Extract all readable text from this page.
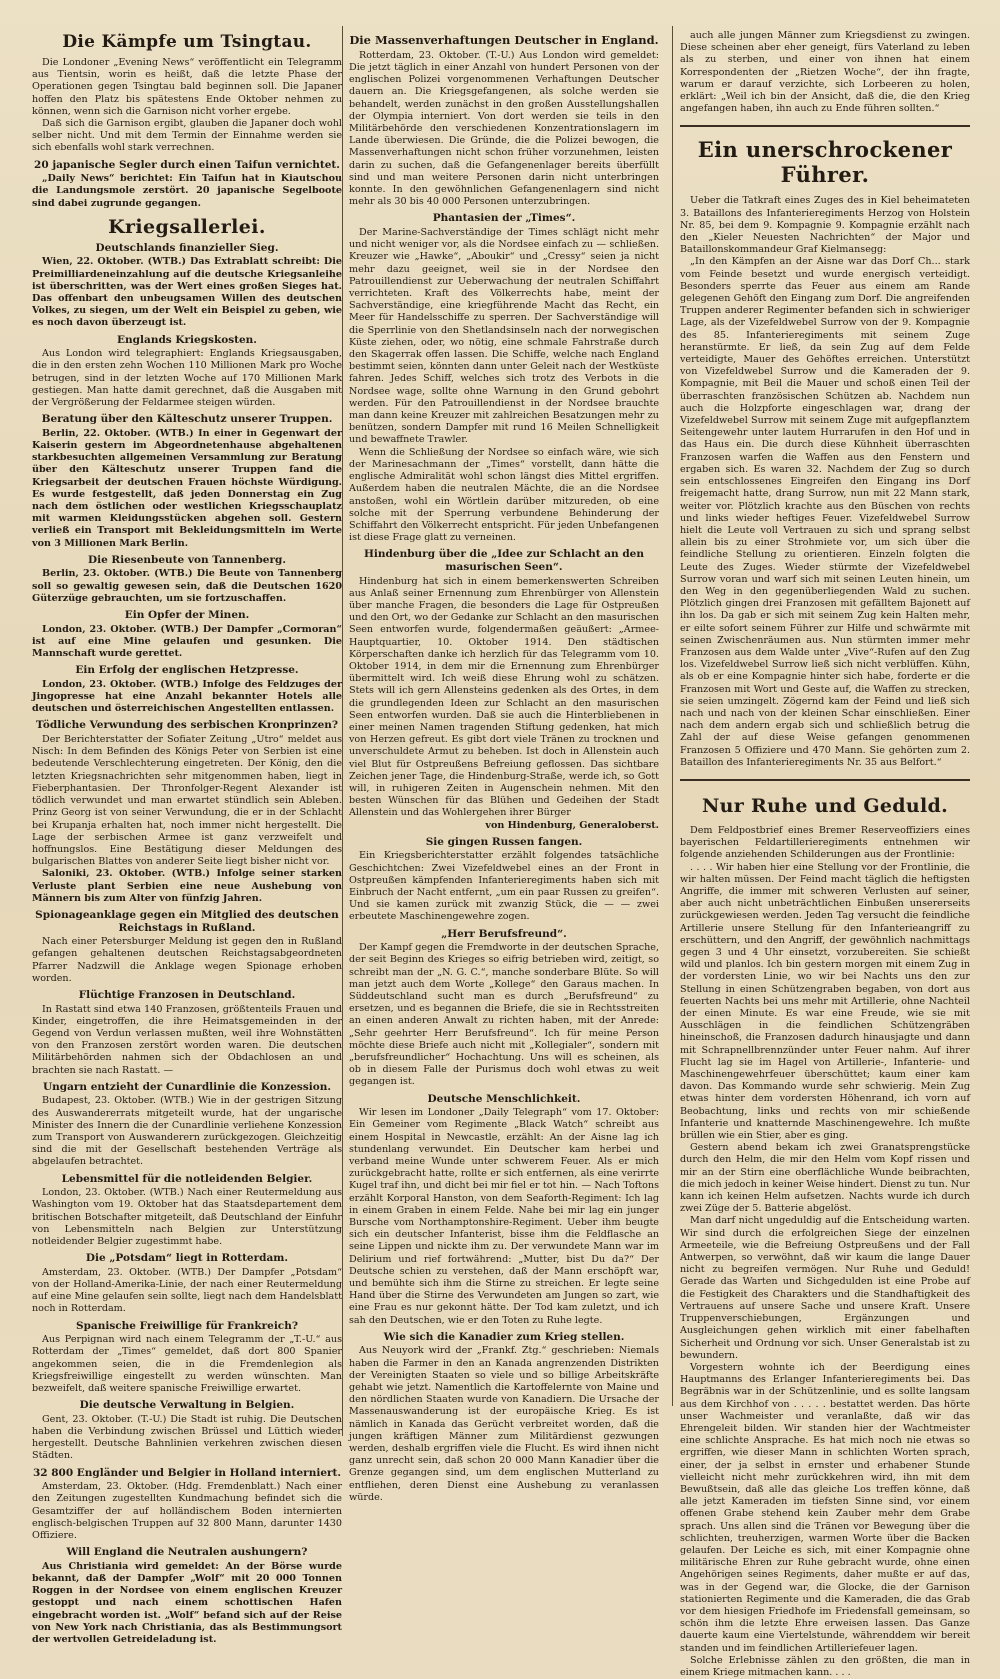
Die Kämpfe um Tsingtau.

Die Londoner „Evening News“ veröffentlicht ein Telegramm aus Tientsin, worin es heißt, daß die letzte Phase der Operationen gegen Tsingtau bald beginnen soll. Die Japaner hoffen den Platz bis spätestens Ende Oktober nehmen zu können, wenn sich die Garnison nicht vorher ergebe.

Daß sich die Garnison ergibt, glauben die Japaner doch wohl selber nicht. Und mit dem Termin der Einnahme werden sie sich ebenfalls wohl stark verrechnen.

20 japanische Segler durch einen Taifun vernichtet.

„Daily News“ berichtet: Ein Taifun hat in Kiautschou die Landungsmole zerstört. 20 japanische Segelboote sind dabei zugrunde gegangen.

Kriegsallerlei.
Deutschlands finanzieller Sieg.

Wien, 22. Oktober. (WTB.) Das Extrablatt schreibt: Die Preimilliardeneinzahlung auf die deutsche Kriegsanleihe ist überschritten, was der Wert eines großen Sieges hat. Das offenbart den unbeugsamen Willen des deutschen Volkes, zu siegen, um der Welt ein Beispiel zu geben, wie es noch davon überzeugt ist.

Englands Kriegskosten.

Aus London wird telegraphiert: Englands Kriegsausgaben, die in den ersten zehn Wochen 110 Millionen Mark pro Woche betrugen, sind in der letzten Woche auf 170 Millionen Mark gestiegen. Man hatte damit gerechnet, daß die Ausgaben mit der Vergrößerung der Feldarmee steigen würden.

Beratung über den Kälteschutz unserer Truppen.

Berlin, 22. Oktober. (WTB.) In einer in Gegenwart der Kaiserin gestern im Abgeordnetenhause abgehaltenen starkbesuchten allgemeinen Versammlung zur Beratung über den Kälteschutz unserer Truppen fand die Kriegsarbeit der deutschen Frauen höchste Würdigung. Es wurde festgestellt, daß jeden Donnerstag ein Zug nach dem östlichen oder westlichen Kriegsschauplatz mit warmen Kleidungsstücken abgehen soll. Gestern verließ ein Transport mit Bekleidungsmitteln im Werte von 3 Millionen Mark Berlin.

Die Riesenbeute von Tannenberg.

Berlin, 23. Oktober. (WTB.) Die Beute von Tannenberg soll so gewaltig gewesen sein, daß die Deutschen 1620 Güterzüge gebrauchten, um sie fortzuschaffen.

Ein Opfer der Minen.

London, 23. Oktober. (WTB.) Der Dampfer „Cormoran“ ist auf eine Mine gelaufen und gesunken. Die Mannschaft wurde gerettet.

Ein Erfolg der englischen Hetzpresse.

London, 23. Oktober. (WTB.) Infolge des Feldzuges der Jingopresse hat eine Anzahl bekannter Hotels alle deutschen und österreichischen Angestellten entlassen.

Tödliche Verwundung des serbischen Kronprinzen?

Der Berichterstatter der Sofiater Zeitung „Utro“ meldet aus Nisch: In dem Befinden des Königs Peter von Serbien ist eine bedeutende Verschlechterung eingetreten. Der König, den die letzten Kriegsnachrichten sehr mitgenommen haben, liegt in Fieberphantasien. Der Thronfolger-Regent Alexander ist tödlich verwundet und man erwartet stündlich sein Ableben. Prinz Georg ist von seiner Verwundung, die er in der Schlacht bei Krupanja erhalten hat, noch immer nicht hergestellt. Die Lage der serbischen Armee ist ganz verzweifelt und hoffnungslos. Eine Bestätigung dieser Meldungen des bulgarischen Blattes von anderer Seite liegt bisher nicht vor.

Saloniki, 23. Oktober. (WTB.) Infolge seiner starken Verluste plant Serbien eine neue Aushebung von Männern bis zum Alter von fünfzig Jahren.

Spionageanklage gegen ein Mitglied des deutschen Reichstags in Rußland.

Nach einer Petersburger Meldung ist gegen den in Rußland gefangen gehaltenen deutschen Reichstagsabgeordneten Pfarrer Nadzwill die Anklage wegen Spionage erhoben worden.

Flüchtige Franzosen in Deutschland.

In Rastatt sind etwa 140 Franzosen, größtenteils Frauen und Kinder, eingetroffen, die ihre Heimatsgemeinden in der Gegend von Verdun verlassen mußten, weil ihre Wohnstätten von den Franzosen zerstört worden waren. Die deutschen Militärbehörden nahmen sich der Obdachlosen an und brachten sie nach Rastatt. —

Ungarn entzieht der Cunardlinie die Konzession.

Budapest, 23. Oktober. (WTB.) Wie in der gestrigen Sitzung des Auswandererrats mitgeteilt wurde, hat der ungarische Minister des Innern die der Cunardlinie verliehene Konzession zum Transport von Auswanderern zurückgezogen. Gleichzeitig sind die mit der Gesellschaft bestehenden Verträge als abgelaufen betrachtet.

Lebensmittel für die notleidenden Belgier.

London, 23. Oktober. (WTB.) Nach einer Reutermeldung aus Washington vom 19. Oktober hat das Staatsdepartement dem britischen Botschafter mitgeteilt, daß Deutschland der Einfuhr von Lebensmitteln nach Belgien zur Unterstützung notleidender Belgier zugestimmt habe.

Die „Potsdam“ liegt in Rotterdam.

Amsterdam, 23. Oktober. (WTB.) Der Dampfer „Potsdam“ von der Holland-Amerika-Linie, der nach einer Reutermeldung auf eine Mine gelaufen sein sollte, liegt nach dem Handelsblatt noch in Rotterdam.

Spanische Freiwillige für Frankreich?

Aus Perpignan wird nach einem Telegramm der „T.-U.“ aus Rotterdam der „Times“ gemeldet, daß dort 800 Spanier angekommen seien, die in die Fremdenlegion als Kriegsfreiwillige eingestellt zu werden wünschten. Man bezweifelt, daß weitere spanische Freiwillige erwartet.

Die deutsche Verwaltung in Belgien.

Gent, 23. Oktober. (T.-U.) Die Stadt ist ruhig. Die Deutschen haben die Verbindung zwischen Brüssel und Lüttich wieder hergestellt. Deutsche Bahnlinien verkehren zwischen diesen Städten.

32 800 Engländer und Belgier in Holland interniert.

Amsterdam, 23. Oktober. (Hdg. Fremdenblatt.) Nach einer den Zeitungen zugestellten Kundmachung befindet sich die Gesamtziffer der auf holländischem Boden internierten englisch-belgischen Truppen auf 32 800 Mann, darunter 1430 Offiziere.

Will England die Neutralen aushungern?

Aus Christiania wird gemeldet: An der Börse wurde bekannt, daß der Dampfer „Wolf“ mit 20 000 Tonnen Roggen in der Nordsee von einem englischen Kreuzer gestoppt und nach einem schottischen Hafen eingebracht worden ist. „Wolf“ befand sich auf der Reise von New York nach Christiania, das als Bestimmungsort der wertvollen Getreideladung ist.

Die Massenverhaftungen Deutscher in England.

Rotterdam, 23. Oktober. (T.-U.) Aus London wird gemeldet: Die jetzt täglich in einer Anzahl von hundert Personen von der englischen Polizei vorgenommenen Verhaftungen Deutscher dauern an. Die Kriegsgefangenen, als solche werden sie behandelt, werden zunächst in den großen Ausstellungshallen der Olympia interniert. Von dort werden sie teils in den Militärbehörde den verschiedenen Konzentrationslagern im Lande überwiesen. Die Gründe, die die Polizei bewogen, die Massenverhaftungen nicht schon früher vorzunehmen, leisten darin zu suchen, daß die Gefangenenlager bereits überfüllt sind und man weitere Personen darin nicht unterbringen konnte. In den gewöhnlichen Gefangenenlagern sind nicht mehr als 30 bis 40 000 Personen unterzubringen.

Phantasien der „Times“.

Der Marine-Sachverständige der Times schlägt nicht mehr und nicht weniger vor, als die Nordsee einfach zu — schließen. Kreuzer wie „Hawke“, „Aboukir“ und „Cressy“ seien ja nicht mehr dazu geeignet, weil sie in der Nordsee den Patrouillendienst zur Ueberwachung der neutralen Schiffahrt verrichteten. Kraft des Völkerrechts habe, meint der Sachverständige, eine kriegführende Macht das Recht, ein Meer für Handelsschiffe zu sperren. Der Sachverständige will die Sperrlinie von den Shetlandsinseln nach der norwegischen Küste ziehen, oder, wo nötig, eine schmale Fahrstraße durch den Skagerrak offen lassen. Die Schiffe, welche nach England bestimmt seien, könnten dann unter Geleit nach der Westküste fahren. Jedes Schiff, welches sich trotz des Verbots in die Nordsee wage, sollte ohne Warnung in den Grund gebohrt werden. Für den Patrouillendienst in der Nordsee brauchte man dann keine Kreuzer mit zahlreichen Besatzungen mehr zu benützen, sondern Dampfer mit rund 16 Meilen Schnelligkeit und bewaffnete Trawler.

Wenn die Schließung der Nordsee so einfach wäre, wie sich der Marinesachmann der „Times“ vorstellt, dann hätte die englische Admiralität wohl schon längst dies Mittel ergriffen. Außerdem haben die neutralen Mächte, die an die Nordsee anstoßen, wohl ein Wörtlein darüber mitzureden, ob eine solche mit der Sperrung verbundene Behinderung der Schiffahrt den Völkerrecht entspricht. Für jeden Unbefangenen ist diese Frage glatt zu verneinen.

Hindenburg über die „Idee zur Schlacht an den masurischen Seen“.

Hindenburg hat sich in einem bemerkenswerten Schreiben aus Anlaß seiner Ernennung zum Ehrenbürger von Allenstein über manche Fragen, die besonders die Lage für Ostpreußen und den Ort, wo der Gedanke zur Schlacht an den masurischen Seen entworfen wurde, folgendermaßen geäußert: „Armee-Hauptquartier, 10. Oktober 1914. Den städtischen Körperschaften danke ich herzlich für das Telegramm vom 10. Oktober 1914, in dem mir die Ernennung zum Ehrenbürger übermittelt wird. Ich weiß diese Ehrung wohl zu schätzen. Stets will ich gern Allensteins gedenken als des Ortes, in dem die grundlegenden Ideen zur Schlacht an den masurischen Seen entworfen wurden. Daß sie auch die Hinterbliebenen in einer meinen Namen tragenden Stiftung gedenken, hat mich von Herzen gefreut. Es gibt dort viele Tränen zu trocknen und unverschuldete Armut zu beheben. Ist doch in Allenstein auch viel Blut für Ostpreußens Befreiung geflossen. Das sichtbare Zeichen jener Tage, die Hindenburg-Straße, werde ich, so Gott will, in ruhigeren Zeiten in Augenschein nehmen. Mit den besten Wünschen für das Blühen und Gedeihen der Stadt Allenstein und das Wohlergehen ihrer Bürger

von Hindenburg, Generaloberst.

Sie gingen Russen fangen.

Ein Kriegsberichterstatter erzählt folgendes tatsächliche Geschichtchen: Zwei Vizefeldwebel eines an der Front in Ostpreußen kämpfenden Infanterieregiments haben sich mit Einbruch der Nacht entfernt, „um ein paar Russen zu greifen“. Und sie kamen zurück mit zwanzig Stück, die — — zwei erbeutete Maschinengewehre zogen.

„Herr Berufsfreund“.

Der Kampf gegen die Fremdworte in der deutschen Sprache, der seit Beginn des Krieges so eifrig betrieben wird, zeitigt, so schreibt man der „N. G. C.“, manche sonderbare Blüte. So will man jetzt auch dem Worte „Kollege“ den Garaus machen. In Süddeutschland sucht man es durch „Berufsfreund“ zu ersetzen, und es begannen die Briefe, die sie in Rechtsstreiten an einen anderen Anwalt zu richten haben, mit der Anrede: „Sehr geehrter Herr Berufsfreund“. Ich für meine Person möchte diese Briefe auch nicht mit „Kollegialer“, sondern mit „berufsfreundlicher“ Hochachtung. Uns will es scheinen, als ob in diesem Falle der Purismus doch wohl etwas zu weit gegangen ist.

Deutsche Menschlichkeit.

Wir lesen im Londoner „Daily Telegraph“ vom 17. Oktober: Ein Gemeiner vom Regimente „Black Watch“ schreibt aus einem Hospital in Newcastle, erzählt: An der Aisne lag ich stundenlang verwundet. Ein Deutscher kam herbei und verband meine Wunde unter schwerem Feuer. Als er mich zurückgebracht hatte, rollte er sich entfernen, als eine verirrte Kugel traf ihn, und dicht bei mir fiel er tot hin. — Nach Toftons erzählt Korporal Hanston, von dem Seaforth-Regiment: Ich lag in einem Graben in einem Felde. Nahe bei mir lag ein junger Bursche vom Northamptonshire-Regiment. Ueber ihm beugte sich ein deutscher Infanterist, bisse ihm die Feldflasche an seine Lippen und nickte ihm zu. Der verwundete Mann war im Delirium und rief fortwährend: „Mutter, bist Du da?“ Der Deutsche schien zu verstehen, daß der Mann erschöpft war, und bemühte sich ihm die Stirne zu streichen. Er legte seine Hand über die Stirne des Verwundeten am Jungen so zart, wie eine Frau es nur gekonnt hätte. Der Tod kam zuletzt, und ich sah den Deutschen, wie er den Toten zu Ruhe legte.

Wie sich die Kanadier zum Krieg stellen.

Aus Neuyork wird der „Frankf. Ztg.“ geschrieben: Niemals haben die Farmer in den an Kanada angrenzenden Distrikten der Vereinigten Staaten so viele und so billige Arbeitskräfte gehabt wie jetzt. Namentlich die Kartoffelernte von Maine und den nördlichen Staaten wurde von Kanadiern. Die Ursache der Massenauswanderung ist der europäische Krieg. Es ist nämlich in Kanada das Gerücht verbreitet worden, daß die jungen kräftigen Männer zum Militärdienst gezwungen werden, deshalb ergriffen viele die Flucht. Es wird ihnen nicht ganz unrecht sein, daß schon 20 000 Mann Kanadier über die Grenze gegangen sind, um dem englischen Mutterland zu entfliehen, deren Dienst eine Aushebung zu veranlassen würde.

auch alle jungen Männer zum Kriegsdienst zu zwingen. Diese scheinen aber eher geneigt, fürs Vaterland zu leben als zu sterben, und einer von ihnen hat einem Korrespondenten der „Rietzen Woche“, der ihn fragte, warum er darauf verzichte, sich Lorbeeren zu holen, erklärt: „Weil ich bin der Ansicht, daß die, die den Krieg angefangen haben, ihn auch zu Ende führen sollten.“

Ein unerschrockener Führer.

Ueber die Tatkraft eines Zuges des in Kiel beheimateten 3. Bataillons des Infanterieregiments Herzog von Holstein Nr. 85, bei dem 9. Kompagnie 9. Kompagnie erzählt nach den „Kieler Neuesten Nachrichten“ der Major und Bataillonskommandeur Graf Kielmansegg:

„In den Kämpfen an der Aisne war das Dorf Ch... stark vom Feinde besetzt und wurde energisch verteidigt. Besonders sperrte das Feuer aus einem am Rande gelegenen Gehöft den Eingang zum Dorf. Die angreifenden Truppen anderer Regimenter befanden sich in schwieriger Lage, als der Vizefeldwebel Surrow von der 9. Kompagnie des 85. Infanterieregiments mit seinem Zuge heranstürmte. Er ließ, da sein Zug auf dem Felde verteidigte, Mauer des Gehöftes erreichen. Unterstützt von Vizefeldwebel Surrow und die Kameraden der 9. Kompagnie, mit Beil die Mauer und schoß einen Teil der überraschten französischen Schützen ab. Nachdem nun auch die Holzpforte eingeschlagen war, drang der Vizefeldwebel Surrow mit seinem Zuge mit aufgepflanztem Seitengewehr unter lautem Hurrarufen in den Hof und in das Haus ein. Die durch diese Kühnheit überraschten Franzosen warfen die Waffen aus den Fenstern und ergaben sich. Es waren 32. Nachdem der Zug so durch sein entschlossenes Eingreifen den Eingang ins Dorf freigemacht hatte, drang Surrow, nun mit 22 Mann stark, weiter vor. Plötzlich krachte aus den Büschen von rechts und links wieder heftiges Feuer. Vizefeldwebel Surrow hielt die Leute voll Vertrauen zu sich und sprang selbst allein bis zu einer Strohmiete vor, um sich über die feindliche Stellung zu orientieren. Einzeln folgten die Leute des Zuges. Wieder stürmte der Vizefeldwebel Surrow voran und warf sich mit seinen Leuten hinein, um den Weg in den gegenüberliegenden Wald zu suchen. Plötzlich gingen drei Franzosen mit gefälltem Bajonett auf ihn los. Da gab er sich mit seinem Zug kein Halten mehr, er eilte sofort seinem Führer zur Hilfe und schwärmte mit seinen Zwischenräumen aus. Nun stürmten immer mehr Franzosen aus dem Walde unter „Vive“-Rufen auf den Zug los. Vizefeldwebel Surrow ließ sich nicht verblüffen. Kühn, als ob er eine Kompagnie hinter sich habe, forderte er die Franzosen mit Wort und Geste auf, die Waffen zu strecken, sie seien umzingelt. Zögernd kam der Feind und ließ sich nach und nach von der kleinen Schar einschließen. Einer nach dem andern ergab sich und schließlich betrug die Zahl der auf diese Weise gefangen genommenen Franzosen 5 Offiziere und 470 Mann. Sie gehörten zum 2. Bataillon des Infanterieregiments Nr. 35 aus Belfort.“

Nur Ruhe und Geduld.

Dem Feldpostbrief eines Bremer Reserveoffiziers eines bayerischen Feldartillerieregiments entnehmen wir folgende anziehenden Schilderungen aus der Frontlinie:

. . . . Wir haben hier eine Stellung vor der Frontlinie, die wir halten müssen. Der Feind macht täglich die heftigsten Angriffe, die immer mit schweren Verlusten auf seiner, aber auch nicht unbeträchtlichen Einbußen unsererseits zurückgewiesen werden. Jeden Tag versucht die feindliche Artillerie unsere Stellung für den Infanterieangriff zu erschüttern, und den Angriff, der gewöhnlich nachmittags gegen 3 und 4 Uhr einsetzt, vorzubereiten. Sie schießt wild und planlos. Ich bin gestern morgen mit einem Zug in der vordersten Linie, wo wir bei Nachts uns den zur Stellung in einen Schützengraben begaben, von dort aus feuerten Nachts bei uns mehr mit Artillerie, ohne Nachteil der einen Minute. Es war eine Freude, wie sie mit Ausschlägen in die feindlichen Schützengräben hineinschoß, die Franzosen dadurch hinausjagte und dann mit Schrapnellbrennzünder unter Feuer nahm. Auf ihrer Flucht lag sie im Hagel von Artillerie-, Infanterie- und Maschinengewehrfeuer überschüttet; kaum einer kam davon. Das Kommando wurde sehr schwierig. Mein Zug etwas hinter dem vordersten Höhenrand, ich vorn auf Beobachtung, links und rechts von mir schießende Infanterie und knatternde Maschinengewehre. Ich mußte brüllen wie ein Stier, aber es ging.

Gestern abend bekam ich zwei Granatsprengstücke durch den Helm, die mir den Helm vom Kopf rissen und mir an der Stirn eine oberflächliche Wunde beibrachten, die mich jedoch in keiner Weise hindert. Dienst zu tun. Nur kann ich keinen Helm aufsetzen. Nachts wurde ich durch zwei Züge der 5. Batterie abgelöst.

Man darf nicht ungeduldig auf die Entscheidung warten. Wir sind durch die erfolgreichen Siege der einzelnen Armeeteile, wie die Befreiung Ostpreußens und der Fall Antwerpen, so verwöhnt, daß wir kaum die lange Dauer nicht zu begreifen vermögen. Nur Ruhe und Geduld! Gerade das Warten und Sichgedulden ist eine Probe auf die Festigkeit des Charakters und die Standhaftigkeit des Vertrauens auf unsere Sache und unsere Kraft. Unsere Truppenverschiebungen, Ergänzungen und Ausgleichungen gehen wirklich mit einer fabelhaften Sicherheit und Ordnung vor sich. Unser Generalstab ist zu bewundern.

Vorgestern wohnte ich der Beerdigung eines Hauptmanns des Erlanger Infanterieregiments bei. Das Begräbnis war in der Schützenlinie, und es sollte langsam aus dem Kirchhof von . . . . . bestattet werden. Das hörte unser Wachmeister und veranlaßte, daß wir das Ehrengeleit bilden. Wir standen hier der Wachtmeister eine schlichte Ansprache. Es hat mich noch nie etwas so ergriffen, wie dieser Mann in schlichten Worten sprach, einer, der ja selbst in ernster und erhabener Stunde vielleicht nicht mehr zurückkehren wird, ihn mit dem Bewußtsein, daß alle das gleiche Los treffen könne, daß alle jetzt Kameraden im tiefsten Sinne sind, vor einem offenen Grabe stehend kein Zauber mehr dem Grabe sprach. Uns allen sind die Tränen vor Bewegung über die schlichten, treuherzigen, warmen Worte über die Backen gelaufen. Der Leiche es sich, mit einer Kompagnie ohne militärische Ehren zur Ruhe gebracht wurde, ohne einen Angehörigen seines Regiments, daher mußte er auf das, was in der Gegend war, die Glocke, die der Garnison stationierten Regimente und die Kameraden, die das Grab vor dem hiesigen Friedhofe im Friedensfall gemeinsam, so schön ihm die letzte Ehre erweisen lassen. Das Ganze dauerte kaum eine Viertelstunde, währenddem wir bereit standen und im feindlichen Artilleriefeuer lagen.

Solche Erlebnisse zählen zu den größten, die man in einem Kriege mitmachen kann. . . .
